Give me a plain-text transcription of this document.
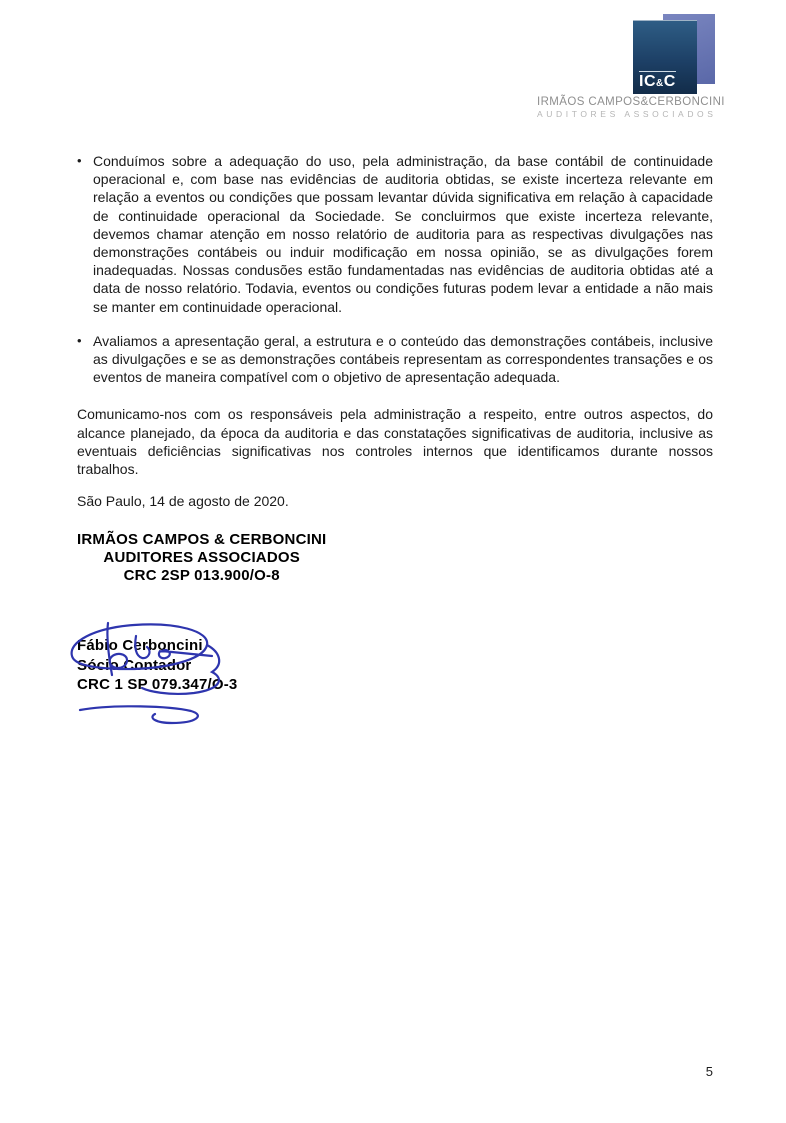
IC&C
IRMÃOS CAMPOS&CERBONCINI
AUDITORES ASSOCIADOS
• Conduímos sobre a adequação do uso, pela administração, da base contábil de continuidade operacional e, com base nas evidências de auditoria obtidas, se existe incerteza relevante em relação a eventos ou condições que possam levantar dúvida significativa em relação à capacidade de continuidade operacional da Sociedade. Se concluirmos que existe incerteza relevante, devemos chamar atenção em nosso relatório de auditoria para as respectivas divulgações nas demonstrações contábeis ou induir modificação em nossa opinião, se as divulgações forem inadequadas. Nossas condusões estão fundamentadas nas evidências de auditoria obtidas até a data de nosso relatório. Todavia, eventos ou condições futuras podem levar a entidade a não mais se manter em continuidade operacional.
• Avaliamos a apresentação geral, a estrutura e o conteúdo das demonstrações contábeis, inclusive as divulgações e se as demonstrações contábeis representam as correspondentes transações e os eventos de maneira compatível com o objetivo de apresentação adequada.

Comunicamo-nos com os responsáveis pela administração a respeito, entre outros aspectos, do alcance planejado, da época da auditoria e das constatações significativas de auditoria, inclusive as eventuais deficiências significativas nos controles internos que identificamos durante nossos trabalhos.

São Paulo, 14 de agosto de 2020.

IRMÃOS CAMPOS & CERBONCINI
AUDITORES ASSOCIADOS
CRC 2SP 013.900/O-8
Fábio Cerboncini
Sócio Contador
CRC 1 SP 079.347/O-3
5
